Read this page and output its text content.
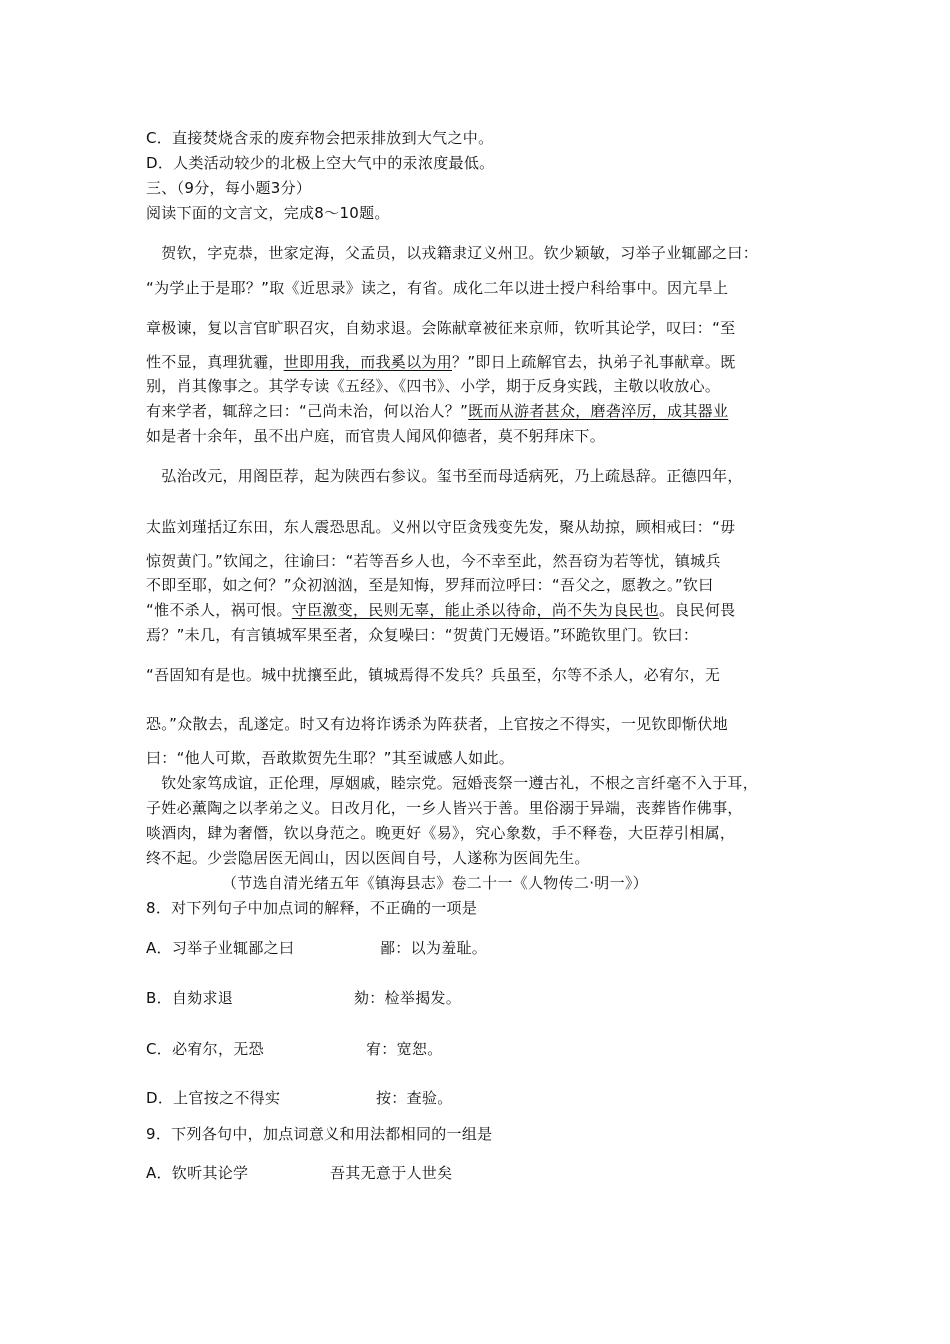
C．直接焚烧含汞的废弃物会把汞排放到大气之中。
D．人类活动较少的北极上空大气中的汞浓度最低。
三、（9分，每小题3分）
阅读下面的文言文，完成8～10题。
　贺钦，字克恭，世家定海，父孟员，以戎籍隶辽义州卫。钦少颖敏，习举子业辄鄙之曰：
“为学止于是耶？”取《近思录》读之，有省。成化二年以进士授户科给事中。因亢旱上
章极谏，复以言官旷职召灾，自劾求退。会陈献章被征来京师，钦听其论学，叹曰：“至
性不显，真理犹霾，世即用我，而我奚以为用？”即日上疏解官去，执弟子礼事献章。既
别，肖其像事之。其学专读《五经》、《四书》、小学，期于反身实践，主敬以收放心。
有来学者，辄辞之曰：“己尚未治，何以治人？”既而从游者甚众，磨砻淬厉，成其器业
如是者十余年，虽不出户庭，而官贵人闻风仰德者，莫不躬拜床下。
　弘治改元，用阁臣荐，起为陕西右参议。玺书至而母适病死，乃上疏恳辞。正德四年，
太监刘瑾括辽东田，东人震恐思乱。义州以守臣贪残变先发，聚从劫掠，顾相戒曰：“毋
惊贺黄门。”钦闻之，往谕曰：“若等吾乡人也，今不幸至此，然吾窃为若等忧，镇城兵
不即至耶，如之何？”众初汹汹，至是知悔，罗拜而泣呼曰：“吾父之，愿教之。”钦曰
“惟不杀人，祸可恨。守臣激变，民则无辜，能止杀以待命，尚不失为良民也。良民何畏
焉？”未几，有言镇城军果至者，众复噪曰：“贺黄门无嫚语。”环跪钦里门。钦曰：
“吾固知有是也。城中扰攘至此，镇城焉得不发兵？兵虽至，尔等不杀人，必宥尔，无
恐。”众散去，乱遂定。时又有边将诈诱杀为阵获者，上官按之不得实，一见钦即惭伏地
曰：“他人可欺，吾敢欺贺先生耶？”其至诚感人如此。
　钦处家笃成谊，正伦理，厚姻戚，睦宗党。冠婚丧祭一遵古礼，不根之言纤毫不入于耳，
子姓必薰陶之以孝弟之义。日改月化，一乡人皆兴于善。里俗溺于异端，丧葬皆作佛事，
啖酒肉，肆为奢僭，钦以身范之。晚更好《易》，究心象数，手不释卷，大臣荐引相属，
终不起。少尝隐居医无闾山，因以医闾自号，人遂称为医闾先生。
（节选自清光绪五年《镇海县志》卷二十一《人物传二·明一》）
8．对下列句子中加点词的解释，不正确的一项是
A．习举子业辄鄙之曰	鄙：以为羞耻。
B．自劾求退	劾：检举揭发。
C．必宥尔，无恐	宥：宽恕。
D．上官按之不得实	按：查验。
9．下列各句中，加点词意义和用法都相同的一组是
A．钦听其论学	吾其无意于人世矣
